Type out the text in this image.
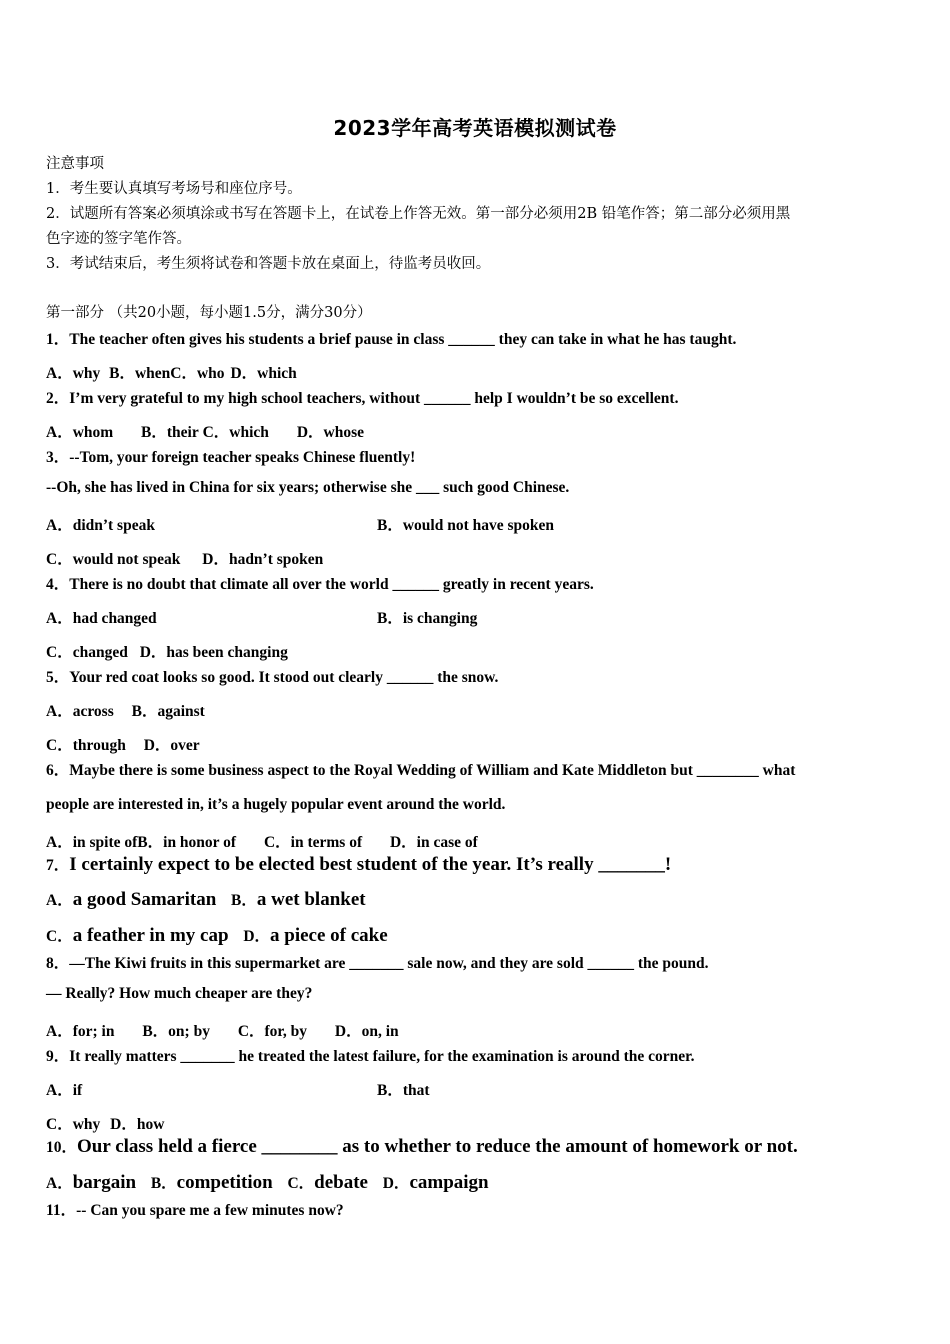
2023学年高考英语模拟测试卷
注意事项
1．考生要认真填写考场号和座位序号。
2．试题所有答案必须填涂或书写在答题卡上，在试卷上作答无效。第一部分必须用2B 铅笔作答；第二部分必须用黑
色字迹的签字笔作答。
3．考试结束后，考生须将试卷和答题卡放在桌面上，待监考员收回。
第一部分 （共20小题，每小题1.5分，满分30分）
1．The teacher often gives his students a brief pause in class ______ they can take in what he has taught.
A．why B．whenC．who D．which
2．I’m very grateful to my high school teachers, without ______ help I wouldn’t be so excellent.
A．whom B．their C．which D．whose
3．--Tom, your foreign teacher speaks Chinese fluently!
--Oh, she has lived in China for six years; otherwise she ___ such good Chinese.
A．didn’t speak	B．would not have spoken
C．would not speak D．hadn’t spoken
4．There is no doubt that climate all over the world ______ greatly in recent years.
A．had changed	B．is changing
C．changed D．has been changing
5．Your red coat looks so good. It stood out clearly ______ the snow.
A．across B．against
C．through D．over
6．Maybe there is some business aspect to the Royal Wedding of William and Kate Middleton but ________ what
people are interested in, it’s a hugely popular event around the world.
A．in spite ofB．in honor of C．in terms of D．in case of
7．I certainly expect to be elected best student of the year. It’s really _______!
A．a good Samaritan B．a wet blanket
C．a feather in my cap D．a piece of cake
8．—The Kiwi fruits in this supermarket are _______ sale now, and they are sold ______ the pound.
— Really? How much cheaper are they?
A．for; in B．on; by C．for, by D．on, in
9．It really matters _______ he treated the latest failure, for the examination is around the corner.
A．if	B．that
C．why D．how
10．Our class held a fierce ________ as to whether to reduce the amount of homework or not.
A．bargain B．competition C．debate D．campaign
11．-- Can you spare me a few minutes now?
